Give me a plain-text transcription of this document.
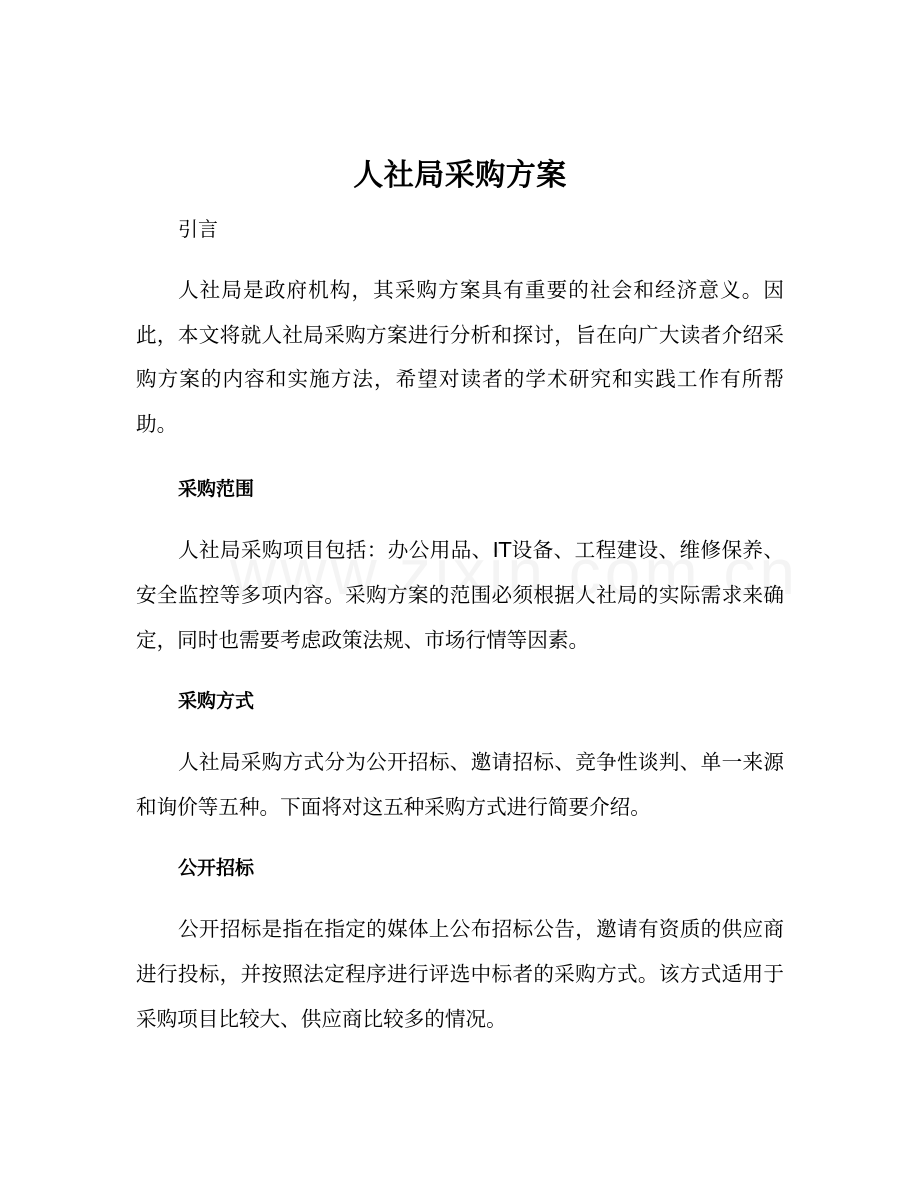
人社局采购方案
引言

人社局是政府机构，其采购方案具有重要的社会和经济意义。因此，本文将就人社局采购方案进行分析和探讨，旨在向广大读者介绍采购方案的内容和实施方法，希望对读者的学术研究和实践工作有所帮助。

采购范围

人社局采购项目包括：办公用品、IT设备、工程建设、维修保养、安全监控等多项内容。采购方案的范围必须根据人社局的实际需求来确定，同时也需要考虑政策法规、市场行情等因素。

采购方式

人社局采购方式分为公开招标、邀请招标、竞争性谈判、单一来源和询价等五种。下面将对这五种采购方式进行简要介绍。

公开招标

公开招标是指在指定的媒体上公布招标公告，邀请有资质的供应商进行投标，并按照法定程序进行评选中标者的采购方式。该方式适用于采购项目比较大、供应商比较多的情况。
